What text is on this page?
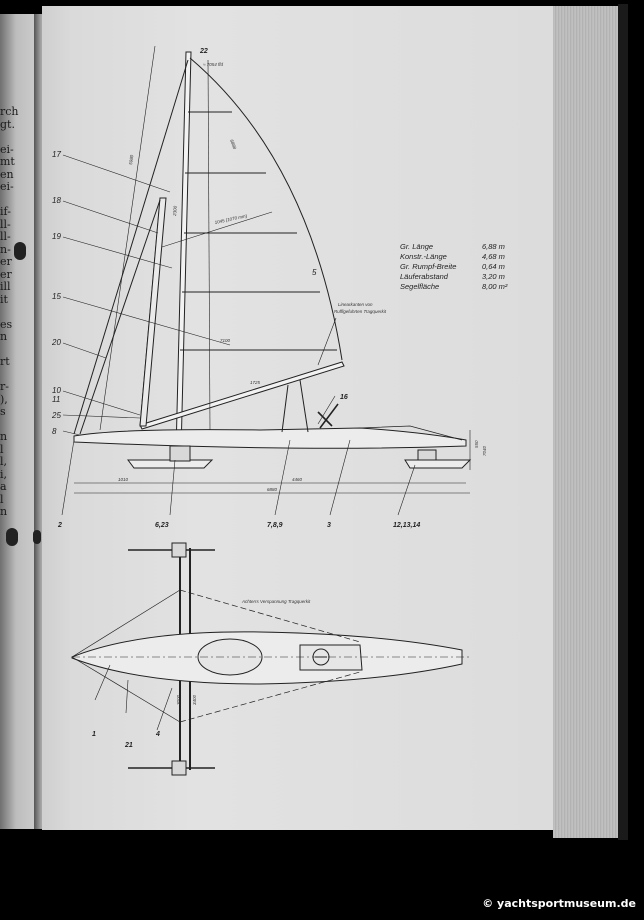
rch
gt.

ei-
mt
en
ei-

if-
ll-
ll-
n-
er
er
ill
it

es
n

rt

r-
),
s

n
l
l,
i,
a
l
n
22
17
18
19
15
20
10
11
25
8
5
16
2	6,23	7,8,9	3	12,13,14
1
21
4
Linearkanten von
Rufflgefuhrten Tragquerkit
Achterrs Verspannung Tragquerkit
≈ 7054 ffd
5980
6888
1045 (1070 mm)
2300
7100
1725
1010	4460
6880
7040
550
3000 3400
Gr. Länge	6,88 m
Konstr.-Länge	4,68 m
Gr. Rumpf-Breite	0,64 m
Läuferabstand	3,20 m
Segelfläche	8,00 m²
© yachtsportmuseum.de
